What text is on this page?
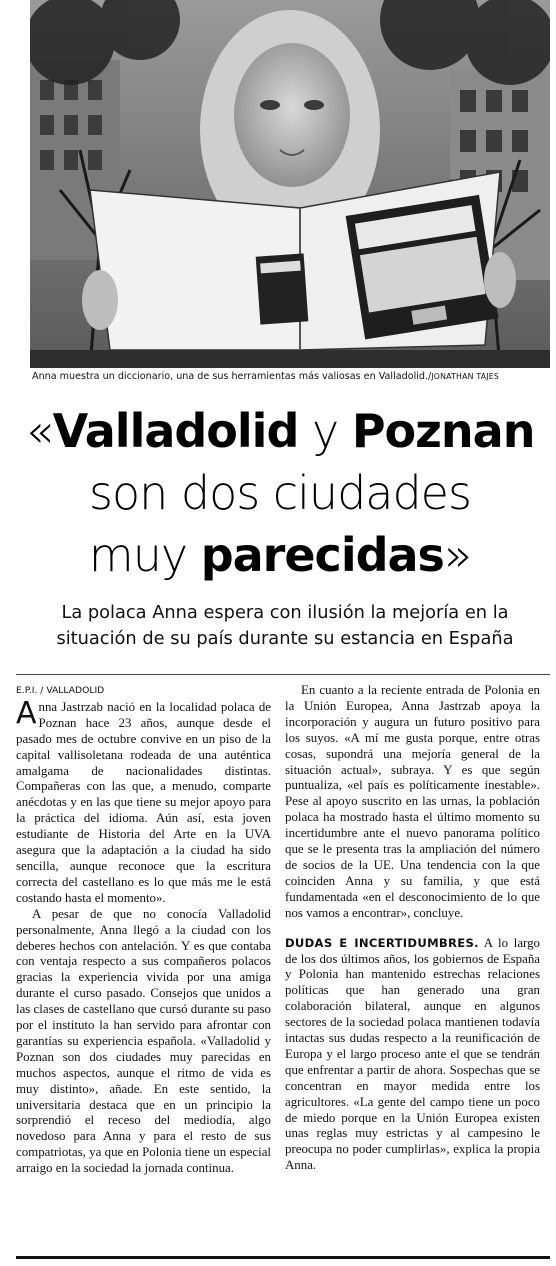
Anna muestra un diccionario, una de sus herramientas más valiosas en Valladolid./JONATHAN TAJES
«Valladolid y Poznan
son dos ciudades
muy parecidas»
La polaca Anna espera con ilusión la mejoría en la situación de su país durante su estancia en España
E.P.I. / VALLADOLID

Anna Jastrzab nació en la localidad polaca de Poznan hace 23 años, aunque desde el pasado mes de octubre convive en un piso de la capital vallisoletana rodeada de una auténtica amalgama de nacionalidades distintas. Compañeras con las que, a menudo, comparte anécdotas y en las que tiene su mejor apoyo para la práctica del idioma. Aún así, esta joven estudiante de Historia del Arte en la UVA asegura que la adaptación a la ciudad ha sido sencilla, aunque reconoce que la escritura correcta del castellano es lo que más me le está costando hasta el momento».

A pesar de que no conocía Valladolid personalmente, Anna llegó a la ciudad con los deberes hechos con antelación. Y es que contaba con ventaja respecto a sus compañeros polacos gracias la experiencia vivida por una amiga durante el curso pasado. Consejos que unidos a las clases de castellano que cursó durante su paso por el instituto la han servido para afrontar con garantías su experiencia española. «Valladolid y Poznan son dos ciudades muy parecidas en muchos aspectos, aunque el ritmo de vida es muy distinto», añade. En este sentido, la universitaria destaca que en un principio la sorprendió el receso del mediodía, algo novedoso para Anna y para el resto de sus compatriotas, ya que en Polonia tiene un especial arraigo en la sociedad la jornada continua.

En cuanto a la reciente entrada de Polonia en la Unión Europea, Anna Jastrzab apoya la incorporación y augura un futuro positivo para los suyos. «A mí me gusta porque, entre otras cosas, supondrá una mejoría general de la situación actual», subraya. Y es que según puntualiza, «el país es políticamente inestable». Pese al apoyo suscrito en las urnas, la población polaca ha mostrado hasta el último momento su incertidumbre ante el nuevo panorama político que se le presenta tras la ampliación del número de socios de la UE. Una tendencia con la que coinciden Anna y su familia, y que está fundamentada «en el desconocimiento de lo que nos vamos a encontrar», concluye.

DUDAS E INCERTIDUMBRES. A lo largo de los dos últimos años, los gobiernos de España y Polonia han mantenido estrechas relaciones políticas que han generado una gran colaboración bilateral, aunque en algunos sectores de la sociedad polaca mantienen todavía intactas sus dudas respecto a la reunificación de Europa y el largo proceso ante el que se tendrán que enfrentar a partir de ahora. Sospechas que se concentran en mayor medida entre los agricultores. «La gente del campo tiene un poco de miedo porque en la Unión Europea existen unas reglas muy estrictas y al campesino le preocupa no poder cumplirlas», explica la propia Anna.
